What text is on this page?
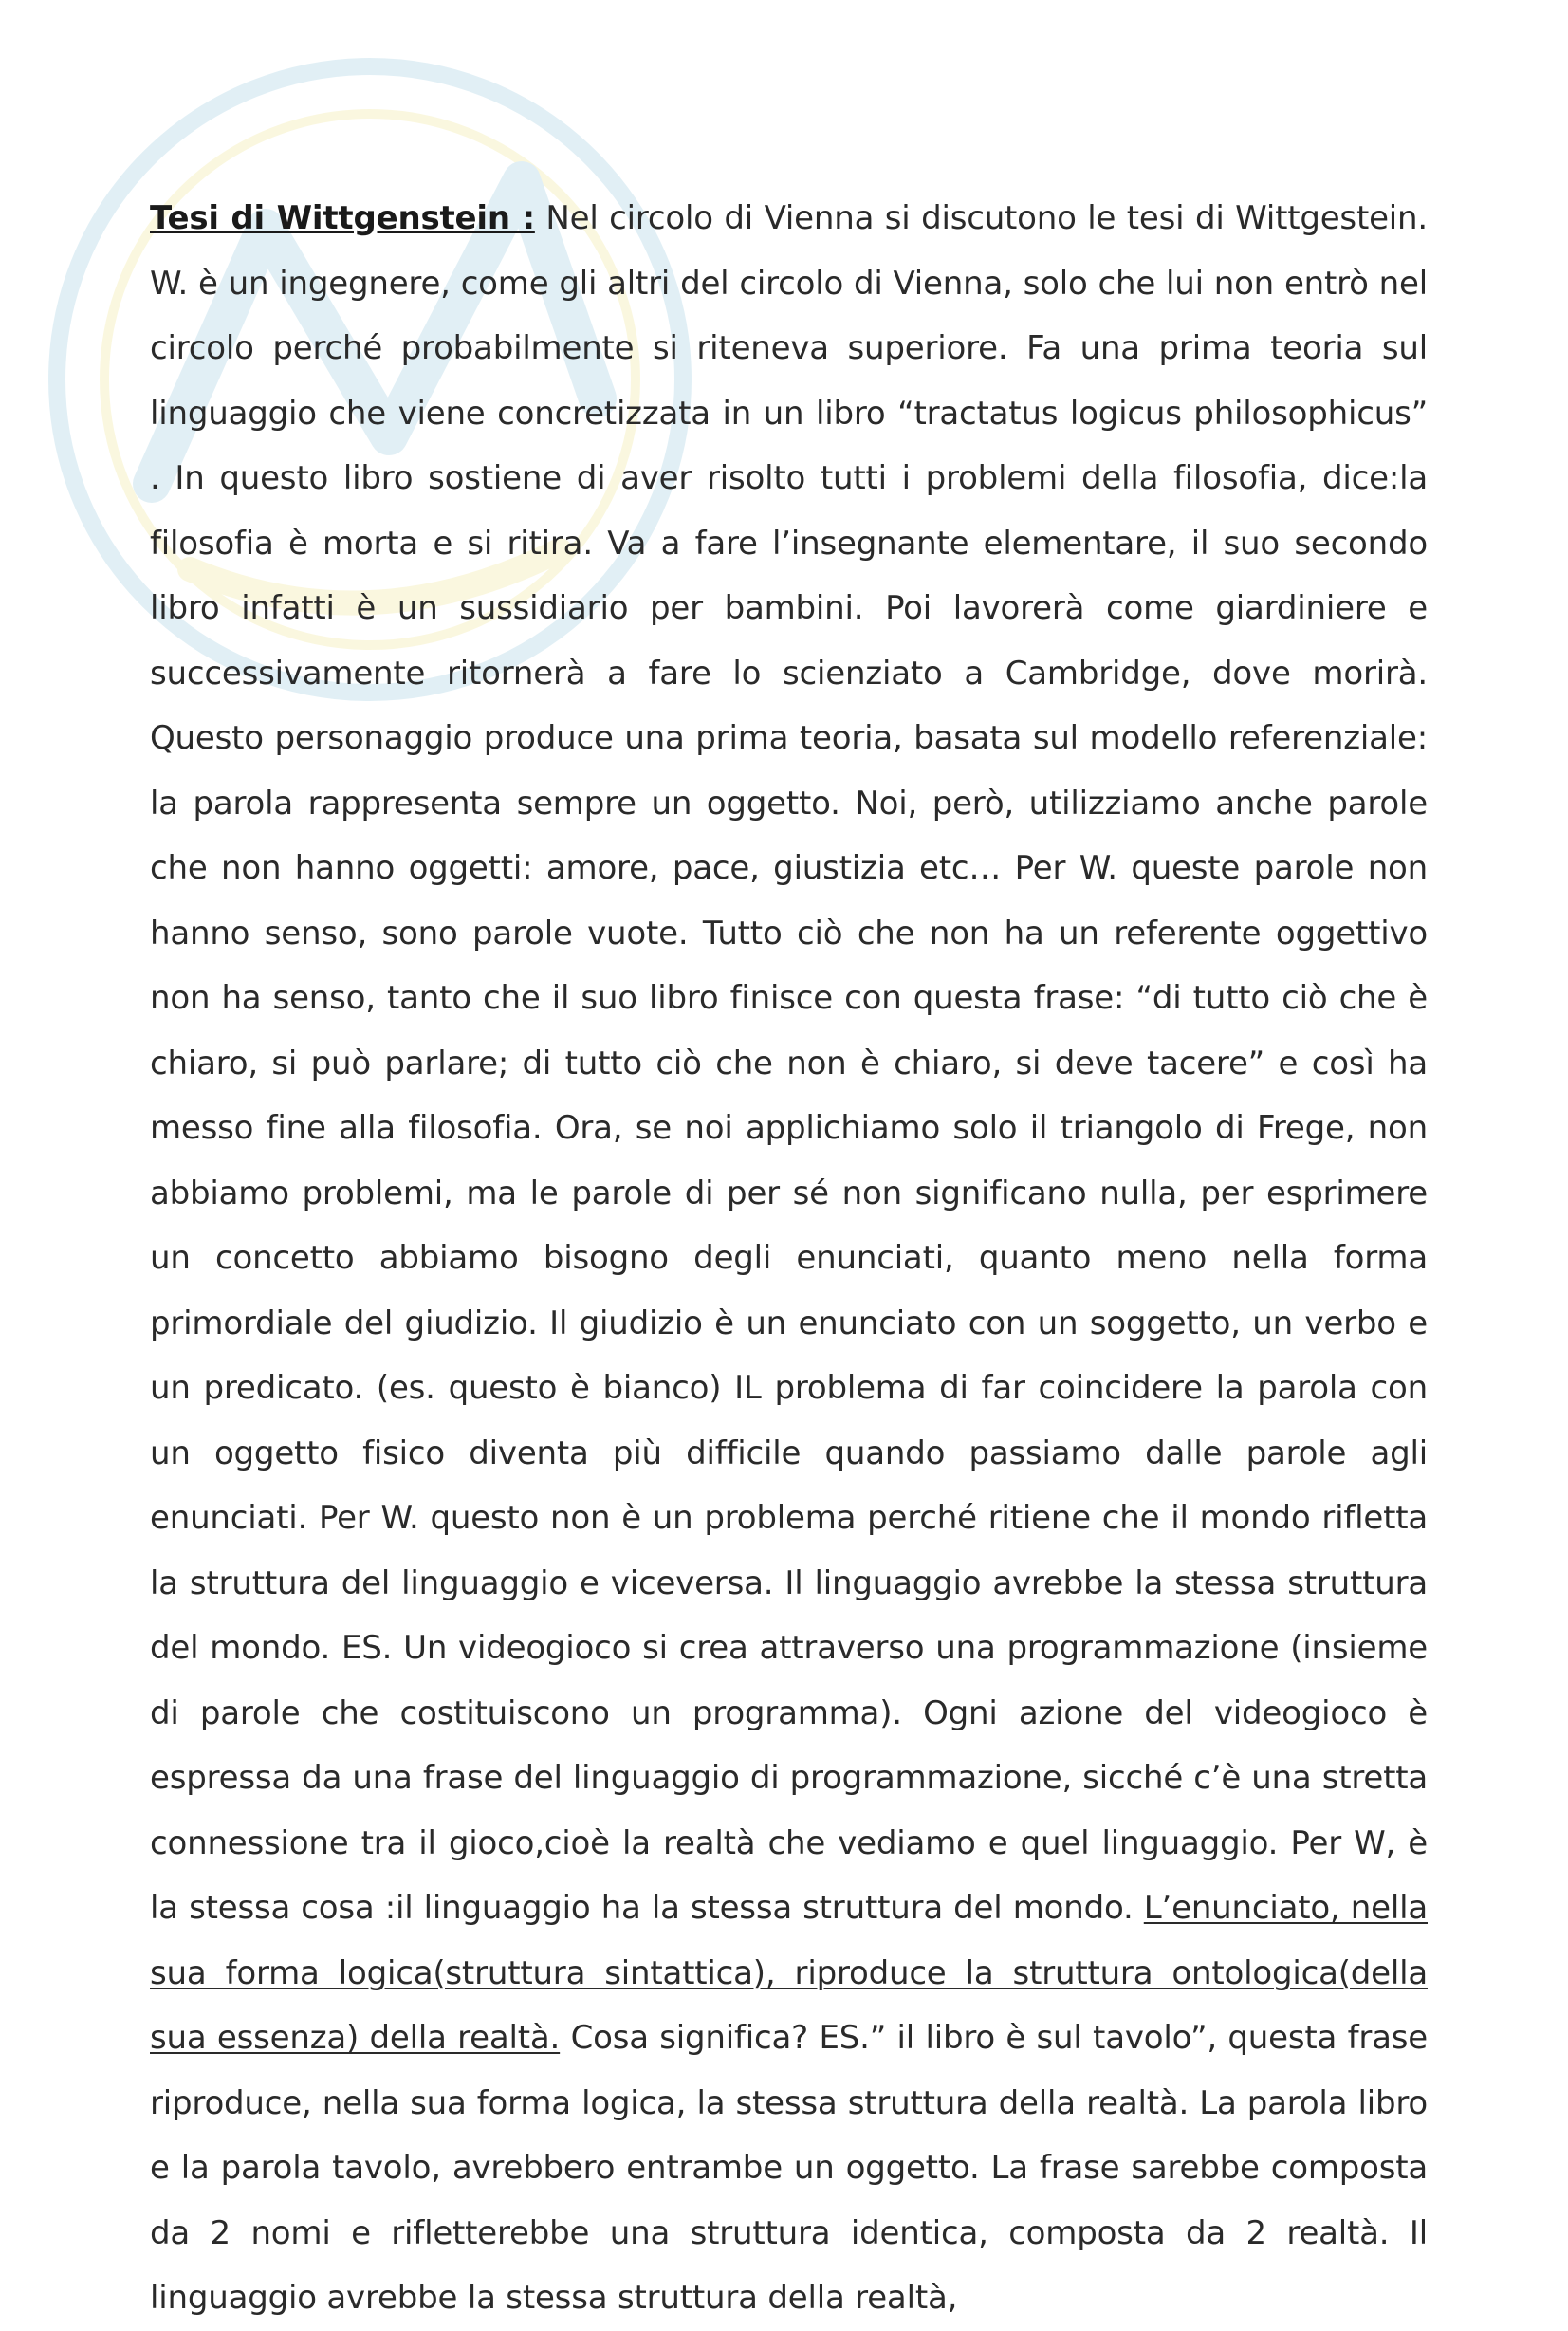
Tesi di Wittgenstein : Nel circolo di Vienna si discutono le tesi di Wittgestein. W. è un ingegnere, come gli altri del circolo di Vienna, solo che lui non entrò nel circolo perché probabilmente si riteneva superiore. Fa una prima teoria sul linguaggio che viene concretizzata in un libro “tractatus logicus philosophicus” . In questo libro sostiene di aver risolto tutti i problemi della filosofia, dice:la filosofia è morta e si ritira. Va a fare l’insegnante elementare, il suo secondo libro infatti è un sussidiario per bambini. Poi lavorerà come giardiniere e successivamente ritornerà a fare lo scienziato a Cambridge, dove morirà. Questo personaggio produce una prima teoria, basata sul modello referenziale: la parola rappresenta sempre un oggetto. Noi, però, utilizziamo anche parole che non hanno oggetti: amore, pace, giustizia etc… Per W. queste parole non hanno senso, sono parole vuote. Tutto ciò che non ha un referente oggettivo non ha senso, tanto che il suo libro finisce con questa frase: “di tutto ciò che è chiaro, si può parlare; di tutto ciò che non è chiaro, si deve tacere” e così ha messo fine alla filosofia. Ora, se noi applichiamo solo il triangolo di Frege, non abbiamo problemi, ma le parole di per sé non significano nulla, per esprimere un concetto abbiamo bisogno degli enunciati, quanto meno nella forma primordiale del giudizio. Il giudizio è un enunciato con un soggetto, un verbo e un predicato. (es. questo è bianco) IL problema di far coincidere la parola con un oggetto fisico diventa più difficile quando passiamo dalle parole agli enunciati. Per W. questo non è un problema perché ritiene che il mondo rifletta la struttura del linguaggio e viceversa. Il linguaggio avrebbe la stessa struttura del mondo. ES. Un videogioco si crea attraverso una programmazione (insieme di parole che costituiscono un programma). Ogni azione del videogioco è espressa da una frase del linguaggio di programmazione, sicché c’è una stretta connessione tra il gioco,cioè la realtà che vediamo e quel linguaggio. Per W, è la stessa cosa :il linguaggio ha la stessa struttura del mondo. L’enunciato, nella sua forma logica(struttura sintattica), riproduce la struttura ontologica(della sua essenza) della realtà. Cosa significa? ES.” il libro è sul tavolo”, questa frase riproduce, nella sua forma logica, la stessa struttura della realtà. La parola libro e la parola tavolo, avrebbero entrambe un oggetto. La frase sarebbe composta da 2 nomi e rifletterebbe una struttura identica, composta da 2 realtà. Il linguaggio avrebbe la stessa struttura della realtà,
